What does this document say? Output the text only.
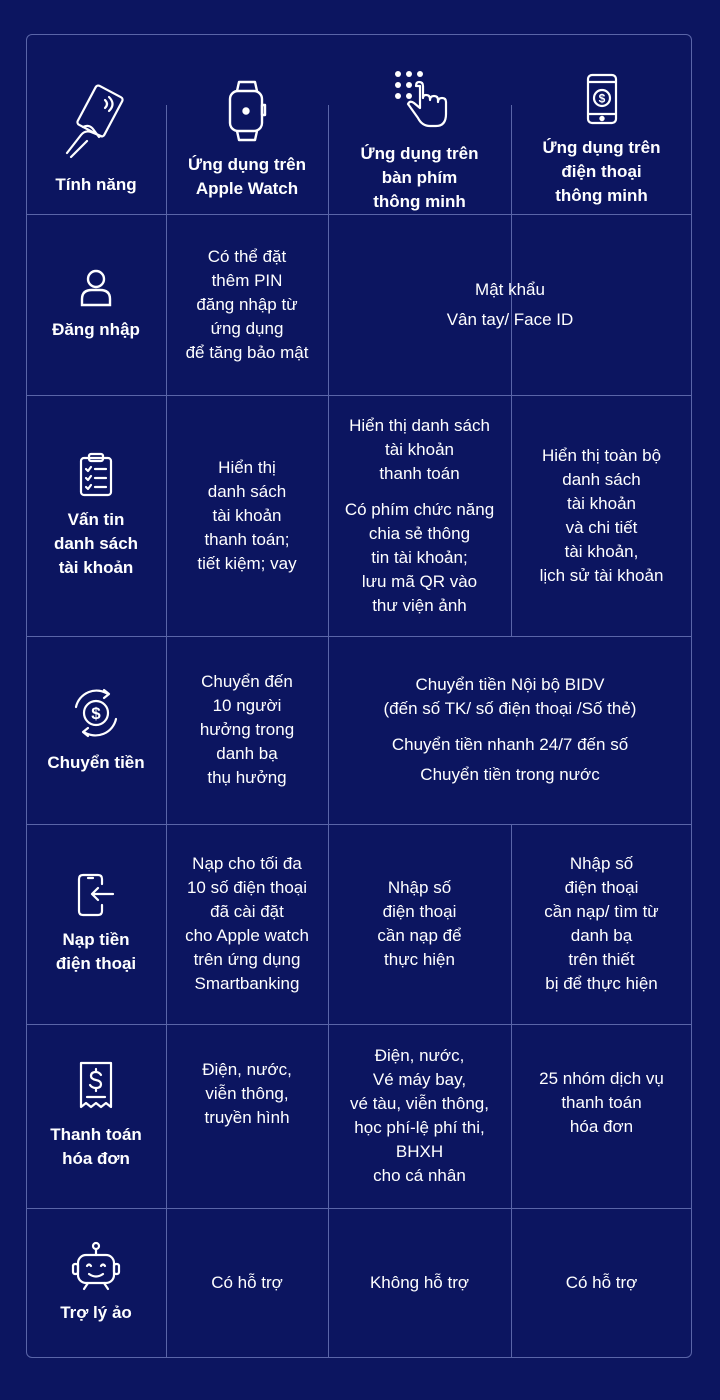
Tính năng
Ứng dụng trên
Apple Watch
Ứng dụng trên
bàn phím
thông minh
$
Ứng dụng trên
điện thoại
thông minh
Đăng nhập
Có thể đặt
thêm PIN
đăng nhập từ
ứng dụng
để tăng bảo mật
Mật khẩu
Vân tay/ Face ID
Vấn tin
danh sách
tài khoản
Hiển thị
danh sách
tài khoản
thanh toán;
tiết kiệm; vay
Hiển thị danh sách
tài khoản
thanh toán
Có phím chức năng
chia sẻ thông
tin tài khoản;
lưu mã QR vào
thư viện ảnh
Hiển thị toàn bộ
danh sách
tài khoản
và chi tiết
tài khoản,
lịch sử tài khoản
$
Chuyển tiền
Chuyển đến
10 người
hưởng trong
danh bạ
thụ hưởng
Chuyển tiền Nội bộ BIDV
(đến số TK/ số điện thoại /Số thẻ)
Chuyển tiền nhanh 24/7 đến số
Chuyển tiền trong nước
Nạp tiền
điện thoại
Nạp cho tối đa
10 số điện thoại
đã cài đặt
cho Apple watch
trên ứng dụng
Smartbanking
Nhập số
điện thoại
cần nạp để
thực hiện
Nhập số
điện thoại
cần nạp/ tìm từ
danh bạ
trên thiết
bị để thực hiện
Thanh toán
hóa đơn
Điện, nước,
viễn thông,
truyền hình
Điện, nước,
Vé máy bay,
vé tàu, viễn thông,
học phí-lệ phí thi,
BHXH
cho cá nhân
25 nhóm dịch vụ
thanh toán
hóa đơn
Trợ lý ảo
Có hỗ trợ	Không hỗ trợ	Có hỗ trợ
